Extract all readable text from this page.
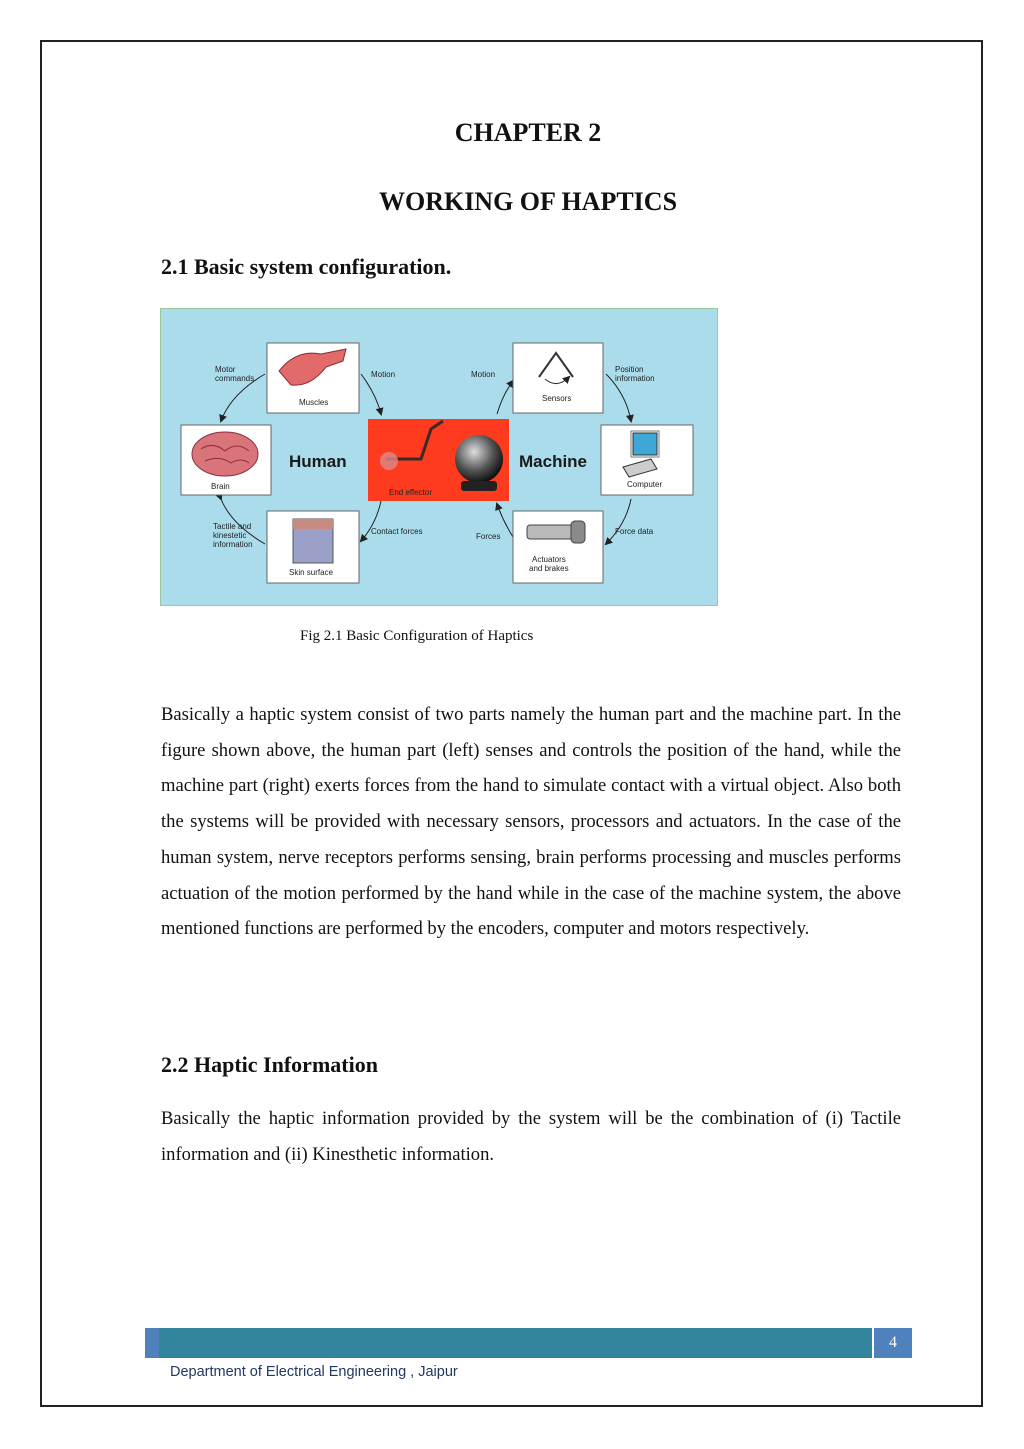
CHAPTER 2
WORKING OF HAPTICS
2.1 Basic system configuration.
End effector
Human	Machine
Muscles
Brain
Skin surface
Sensors
Computer
Actuators
and brakes
Motor
commands	Motion
Tactile and
kinestetic
information
Contact forces
Motion
Position
information
Forces
Force data
Fig 2.1 Basic Configuration of Haptics

Basically a haptic system consist of two parts namely the human part and the machine part. In the figure shown above, the human part (left) senses and controls the position of the hand, while the machine part (right) exerts forces from the hand to simulate contact with a virtual object. Also both the systems will be provided with necessary sensors, processors and actuators. In the case of the human system, nerve receptors performs sensing, brain performs processing and muscles performs actuation of the motion performed by the hand while in the case of the machine system, the above mentioned functions are performed by the encoders, computer and motors respectively.

2.2 Haptic Information

Basically the haptic information provided by the system will be the combination of (i) Tactile information and (ii) Kinesthetic information.

4
Department of Electrical Engineering , Jaipur
